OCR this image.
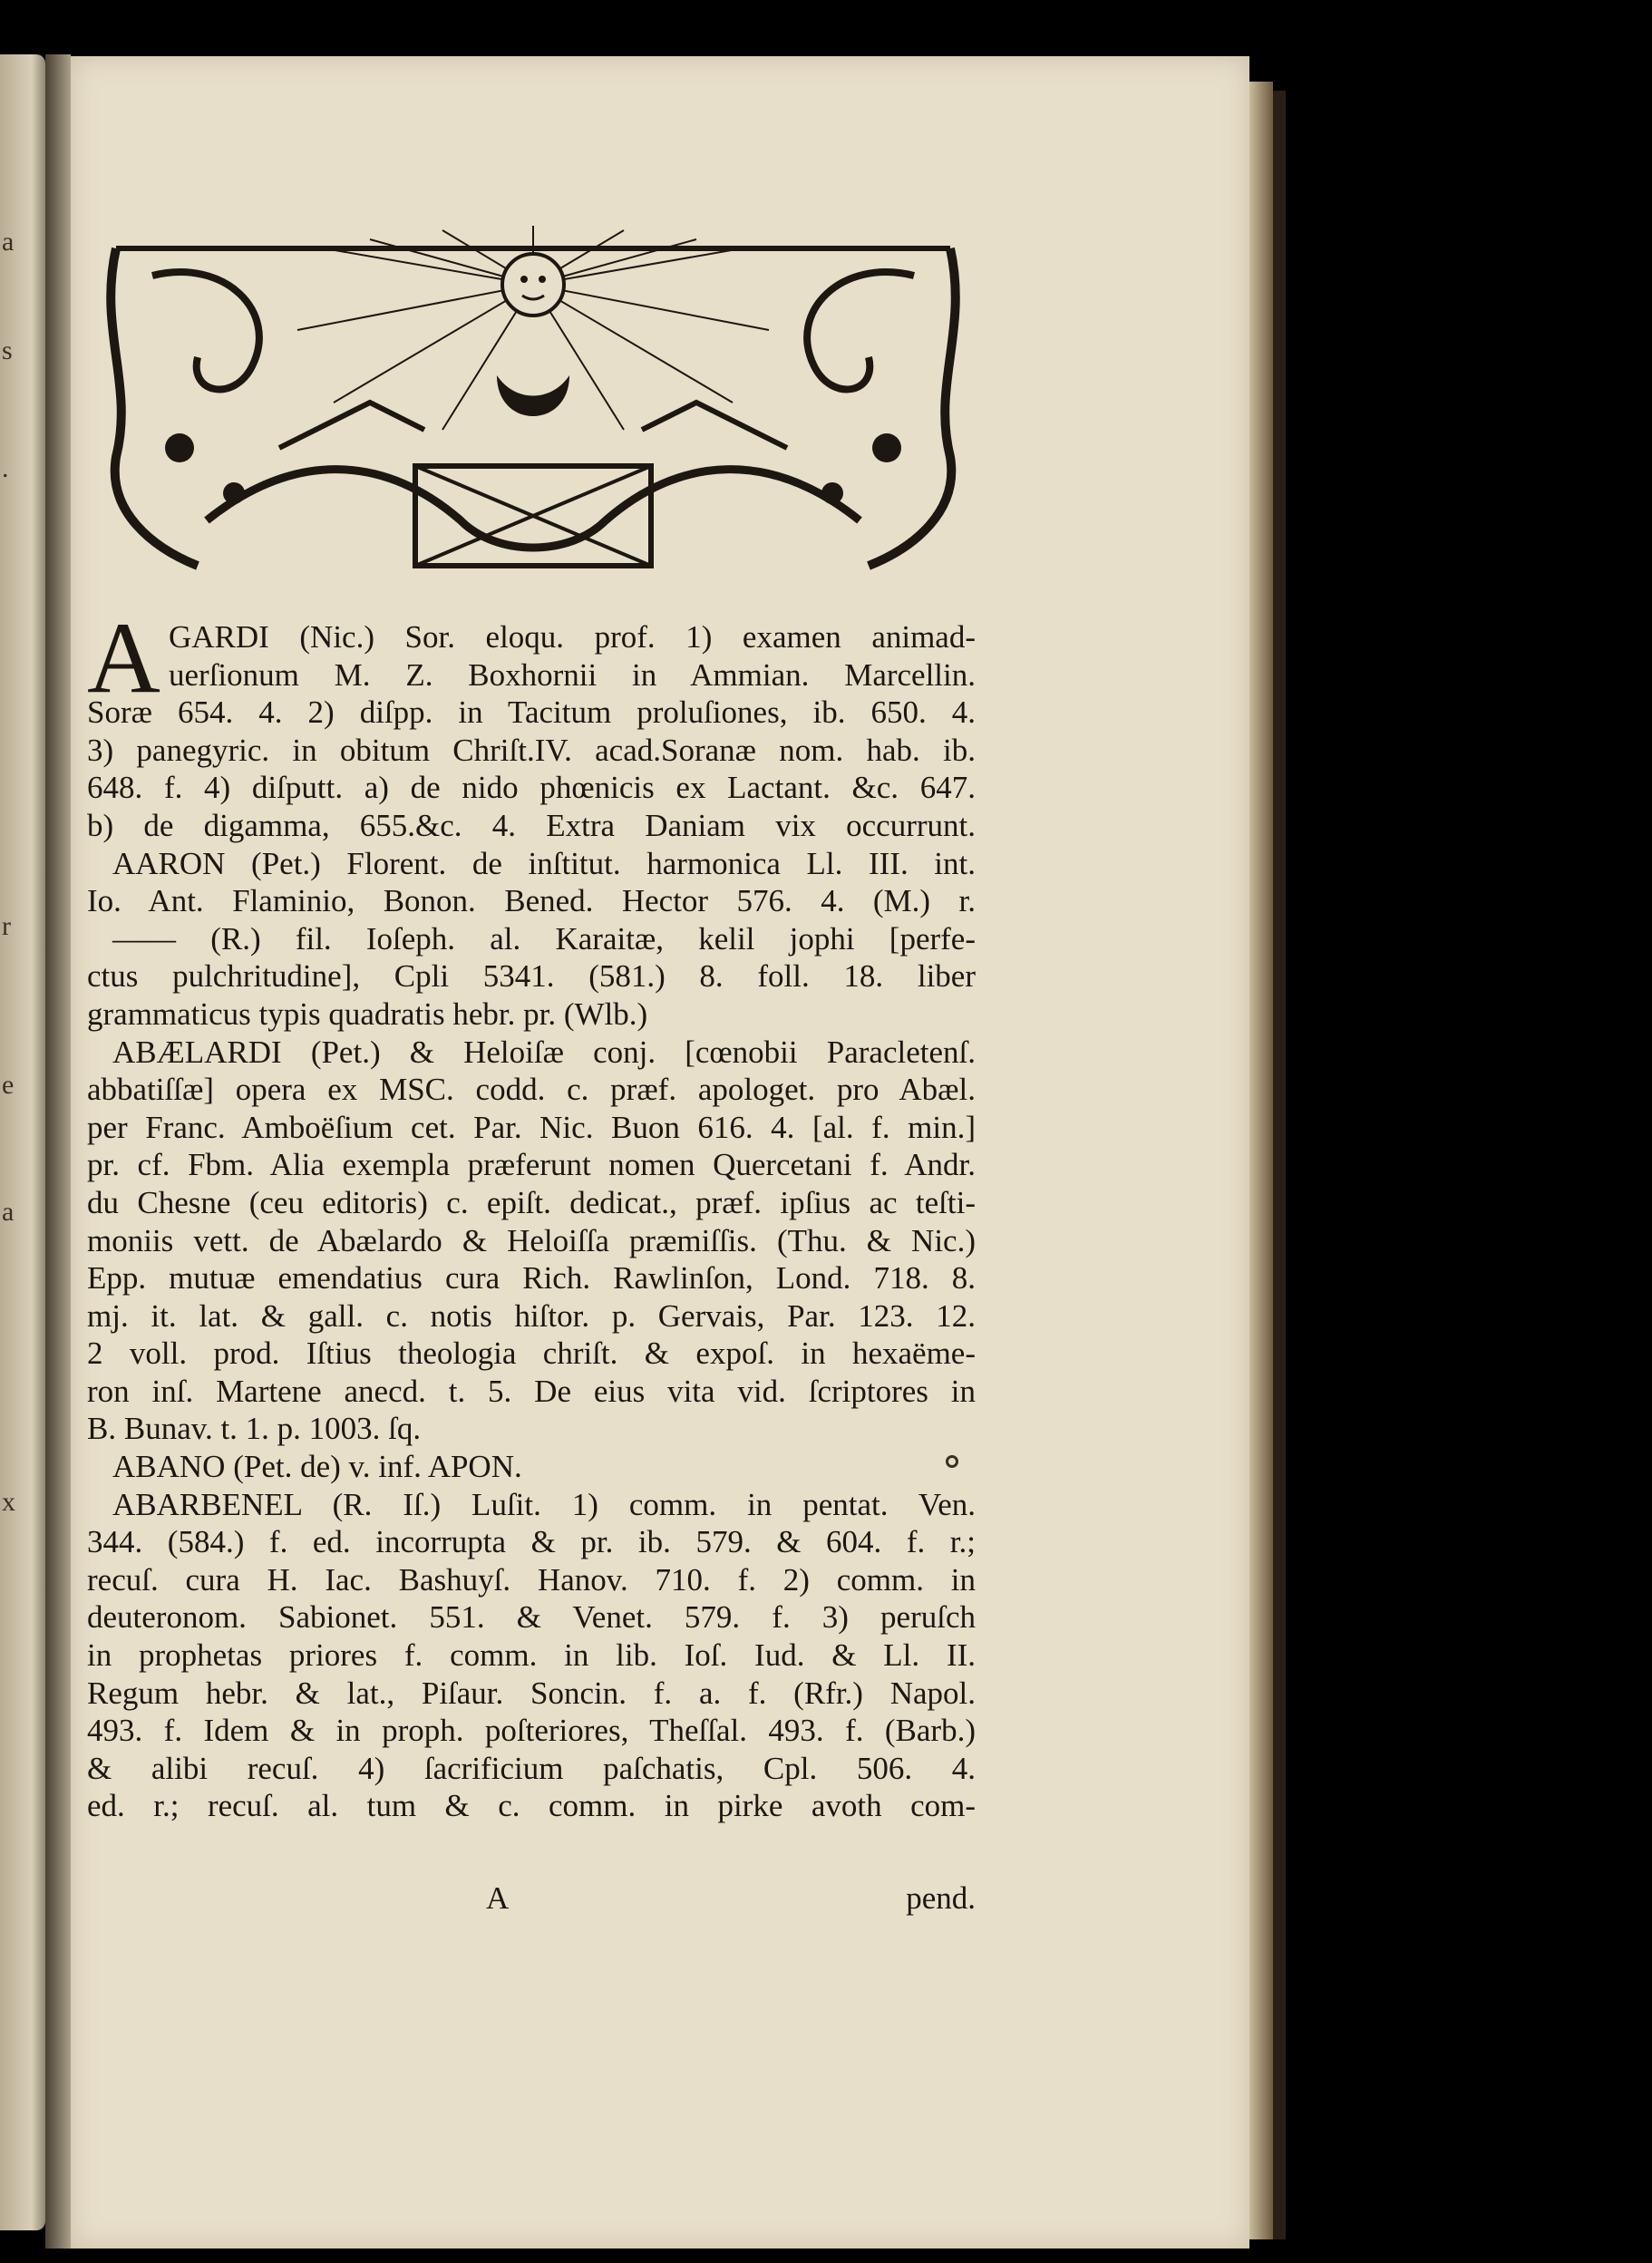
a
s
.
r
e
a
x
A GARDI (Nic.) Sor. eloqu. prof. 1) examen animad-
uerſionum M. Z. Boxhornii in Ammian. Marcellin.
Soræ 654. 4. 2) diſpp. in Tacitum proluſiones, ib. 650. 4.
3) panegyric. in obitum Chriſt.IV. acad.Soranæ nom. hab. ib.
648. f. 4) diſputt. a) de nido phœnicis ex Lactant. &c. 647.
b) de digamma, 655.&c. 4. Extra Daniam vix occurrunt.
AARON (Pet.) Florent. de inſtitut. harmonica Ll. III. int.
Io. Ant. Flaminio, Bonon. Bened. Hector 576. 4. (M.) r.
—— (R.) fil. Ioſeph. al. Karaitæ, kelil jophi [perfe-
ctus pulchritudine], Cpli 5341. (581.) 8. foll. 18. liber
grammaticus typis quadratis hebr. pr. (Wlb.)
ABÆLARDI (Pet.) & Heloiſæ conj. [cœnobii Paracletenſ.
abbatiſſæ] opera ex MSC. codd. c. præf. apologet. pro Abæl.
per Franc. Amboëſium cet. Par. Nic. Buon 616. 4. [al. f. min.]
pr. cf. Fbm. Alia exempla præferunt nomen Quercetani f. Andr.
du Chesne (ceu editoris) c. epiſt. dedicat., præf. ipſius ac teſti-
moniis vett. de Abælardo & Heloiſſa præmiſſis. (Thu. & Nic.)
Epp. mutuæ emendatius cura Rich. Rawlinſon, Lond. 718. 8.
mj. it. lat. & gall. c. notis hiſtor. p. Gervais, Par. 123. 12.
2 voll. prod. Iſtius theologia chriſt. & expoſ. in hexaëme-
ron inſ. Martene anecd. t. 5. De eius vita vid. ſcriptores in
B. Bunav. t. 1. p. 1003. ſq.
ABANO (Pet. de) v. inf. APON.
ABARBENEL (R. Iſ.) Luſit. 1) comm. in pentat. Ven.
344. (584.) f. ed. incorrupta & pr. ib. 579. & 604. f. r.;
recuſ. cura H. Iac. Bashuyſ. Hanov. 710. f. 2) comm. in
deuteronom. Sabionet. 551. & Venet. 579. f. 3) peruſch
in prophetas priores f. comm. in lib. Ioſ. Iud. & Ll. II.
Regum hebr. & lat., Piſaur. Soncin. f. a. f. (Rfr.) Napol.
493. f. Idem & in proph. poſteriores, Theſſal. 493. f. (Barb.)
& alibi recuſ. 4) ſacrificium paſchatis, Cpl. 506. 4.
ed. r.; recuſ. al. tum & c. comm. in pirke avoth com-
A	pend.
